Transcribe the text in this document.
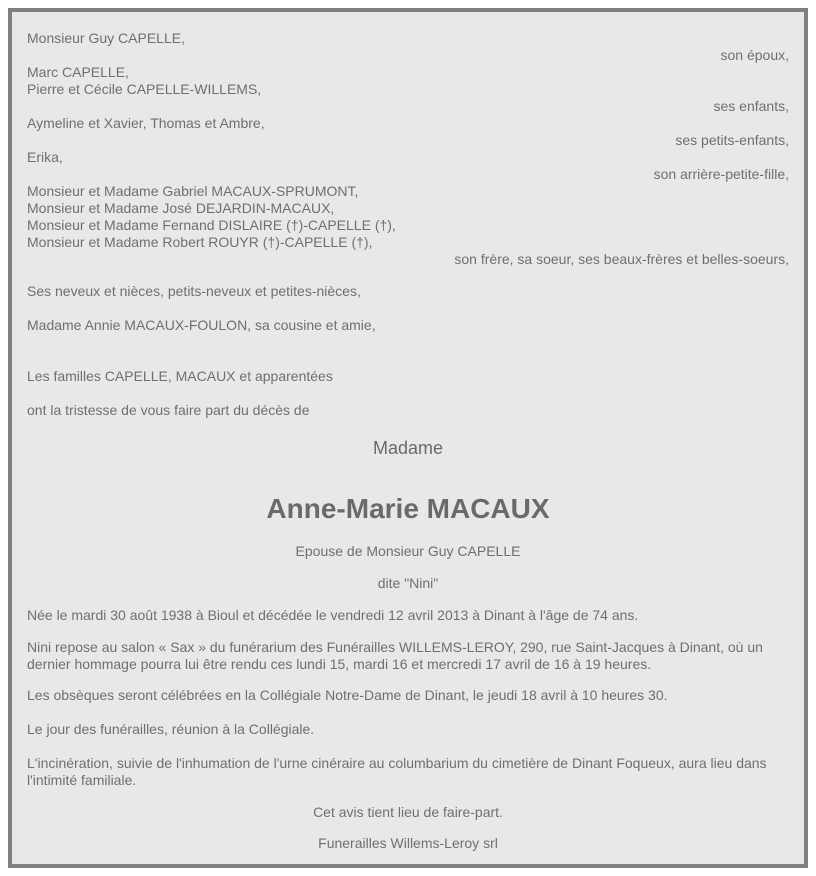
Monsieur Guy CAPELLE,
son époux,
Marc CAPELLE,
Pierre et Cécile CAPELLE-WILLEMS,
ses enfants,
Aymeline et Xavier, Thomas et Ambre,
ses petits-enfants,
Erika,
son arrière-petite-fille,
Monsieur et Madame Gabriel MACAUX-SPRUMONT,
Monsieur et Madame José DEJARDIN-MACAUX,
Monsieur et Madame Fernand DISLAIRE (†)-CAPELLE (†),
Monsieur et Madame Robert ROUYR (†)-CAPELLE (†),
son frère, sa soeur, ses beaux-frères et belles-soeurs,
Ses neveux et nièces, petits-neveux et petites-nièces,
Madame Annie MACAUX-FOULON, sa cousine et amie,
Les familles CAPELLE, MACAUX et apparentées
ont la tristesse de vous faire part du décès de
Madame
Anne-Marie MACAUX
Epouse de Monsieur Guy CAPELLE
dite "Nini"
Née le mardi 30 août 1938 à Bioul et décédée le vendredi 12 avril 2013 à Dinant à l'âge de 74 ans.
Nini repose au salon « Sax » du funérarium des Funérailles WILLEMS-LEROY, 290, rue Saint-Jacques à Dinant, où un dernier hommage pourra lui être rendu ces lundi 15, mardi 16 et mercredi 17 avril de 16 à 19 heures.
Les obsèques seront célébrées en la Collégiale Notre-Dame de Dinant, le jeudi 18 avril à 10 heures 30.
Le jour des funérailles, réunion à la Collégiale.
L'incinération, suivie de l'inhumation de l'urne cinéraire au columbarium du cimetière de Dinant Foqueux, aura lieu dans l'intimité familiale.
Cet avis tient lieu de faire-part.
Funerailles Willems-Leroy srl
